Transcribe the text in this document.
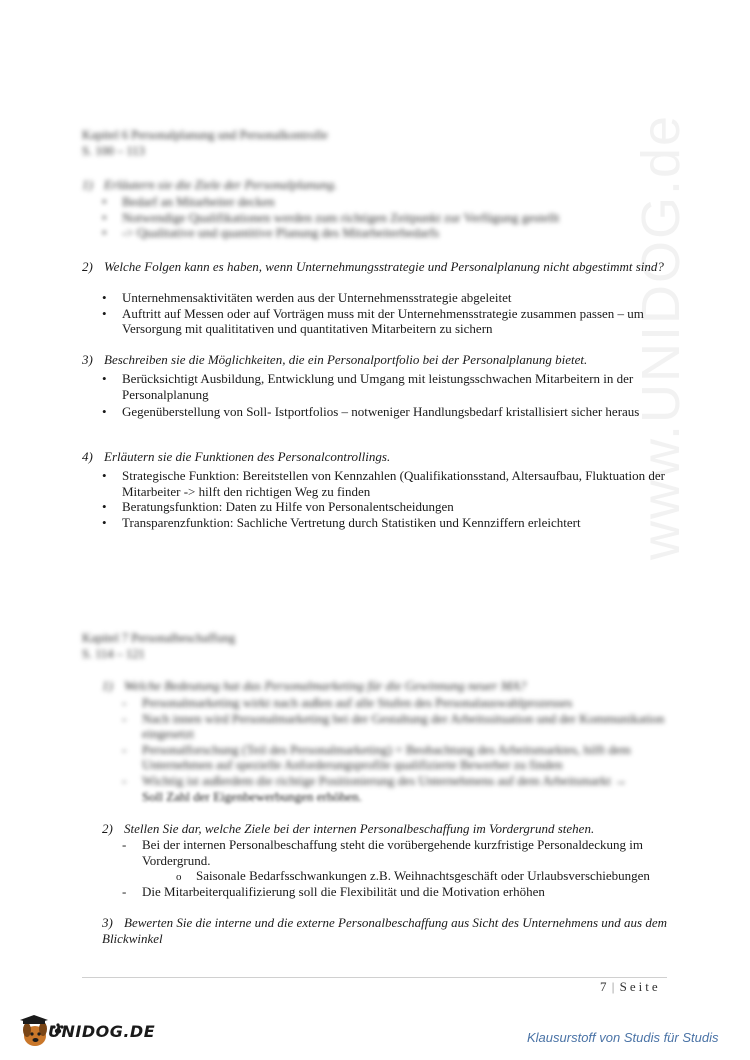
www.UNIDOG.de
Kapitel 6 Personalplanung und Personalkontrolle
S. 100 – 113
1) Erläutern sie die Ziele der Personalplanung.
• Bedarf an Mitarbeiter decken
• Notwendige Qualifikationen werden zum richtigen Zeitpunkt zur Verfügung gestellt
• -> Qualitative und quantitive Planung des Mitarbeiterbedarfs
2) Welche Folgen kann es haben, wenn Unternehmungsstrategie und Personalplanung nicht abgestimmt sind?
• Unternehmensaktivitäten werden aus der Unternehmensstrategie abgeleitet
• Auftritt auf Messen oder auf Vorträgen muss mit der Unternehmensstrategie zusammen passen – um Versorgung mit qualititativen und quantitativen Mitarbeitern zu sichern
3) Beschreiben sie die Möglichkeiten, die ein Personalportfolio bei der Personalplanung bietet.
• Berücksichtigt Ausbildung, Entwicklung und Umgang mit leistungsschwachen Mitarbeitern in der Personalplanung
• Gegenüberstellung von Soll- Istportfolios – notweniger Handlungsbedarf kristallisiert sicher heraus
4) Erläutern sie die Funktionen des Personalcontrollings.
• Strategische Funktion: Bereitstellen von Kennzahlen (Qualifikationsstand, Altersaufbau, Fluktuation der Mitarbeiter -> hilft den richtigen Weg zu finden
• Beratungsfunktion: Daten zu Hilfe von Personalentscheidungen
• Transparenzfunktion: Sachliche Vertretung durch Statistiken und Kennziffern erleichtert
Kapitel 7 Personalbeschaffung
S. 114 – 121
1) Welche Bedeutung hat das Personalmarketing für die Gewinnung neuer MA?
- Personalmarketing wirkt nach außen auf alle Stufen des Personalauswahlprozesses
- Nach innen wird Personalmarketing bei der Gestaltung der Arbeitssituation und der Kommunikation eingesetzt
- Personalforschung (Teil des Personalmarketing) = Beobachtung des Arbeitsmarktes, hilft dem Unternehmen auf spezielle Anforderungsprofile qualifizierte Bewerber zu finden
- Wichtig ist außerdem die richtige Positionierung des Unternehmens auf dem Arbeitsmarkt →
Soll Zahl der Eigenbewerbungen erhöhen.
2) Stellen Sie dar, welche Ziele bei der internen Personalbeschaffung im Vordergrund stehen.
- Bei der internen Personalbeschaffung steht die vorübergehende kurzfristige Personaldeckung im Vordergrund.
o Saisonale Bedarfsschwankungen z.B. Weihnachtsgeschäft oder Urlaubsverschiebungen
- Die Mitarbeiterqualifizierung soll die Flexibilität und die Motivation erhöhen
3) Bewerten Sie die interne und die externe Personalbeschaffung aus Sicht des Unternehmens und aus dem Blickwinkel
7 | Seite
UNIDOG.DE	Klausurstoff von Studis für Studis
